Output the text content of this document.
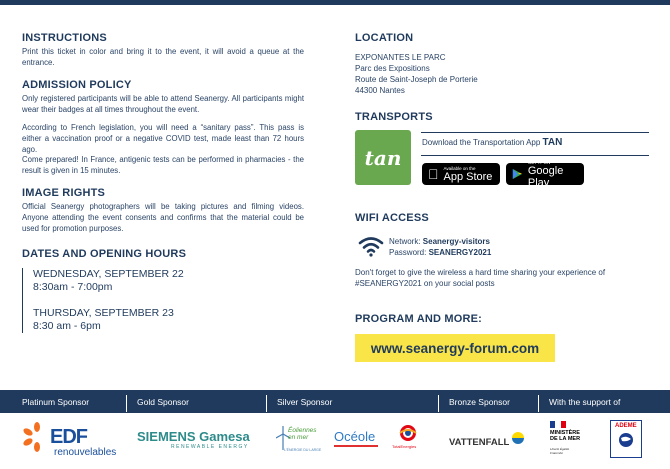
INSTRUCTIONS

Print this ticket in color and bring it to the event, it will avoid a queue at the entrance.

ADMISSION POLICY

Only registered participants will be able to attend Seanergy. All participants might wear their badges at all times throughout the event.

According to French legislation, you will need a “sanitary pass”. This pass is either a vaccination proof or a negative COVID test, made least than 72 hours ago.

Come prepared! In France, antigenic tests can be performed in pharmacies - the result is given in 15 minutes.

IMAGE RIGHTS

Official Seanergy photographers will be taking pictures and filming videos. Anyone attending the event consents and confirms that the material could be used for promotion purposes.

DATES AND OPENING HOURS
WEDNESDAY, SEPTEMBER 22
8:30am - 7:00pm
THURSDAY, SEPTEMBER 23
8:30 am - 6pm
LOCATION
EXPONANTES LE PARC
Parc des Expositions
Route de Saint-Joseph de Porterie
44300 Nantes
TRANSPORTS
tan
Download the Transportation App TAN
Available on the
App Store
GET IT ON
Google Play
WIFI ACCESS
Network: Seanergy-visitors
Password: SEANERGY2021
Don't forget to give the wireless a hard time sharing your experience of #SEANERGY2021 on your social posts
PROGRAM AND MORE:
www.seanergy-forum.com
Platinum Sponsor	Gold Sponsor	Silver Sponsor	Bronze Sponsor	With the support of
EDF
renouvelables
SIEMENS Gamesa
RENEWABLE ENERGY
Éoliennes en mer
L'ÉNERGIE DU LARGE
Océole
TotalEnergies	VATTENFALL
MINISTÈRE DE LA MER
Liberté Égalité Fraternité
ADEME
